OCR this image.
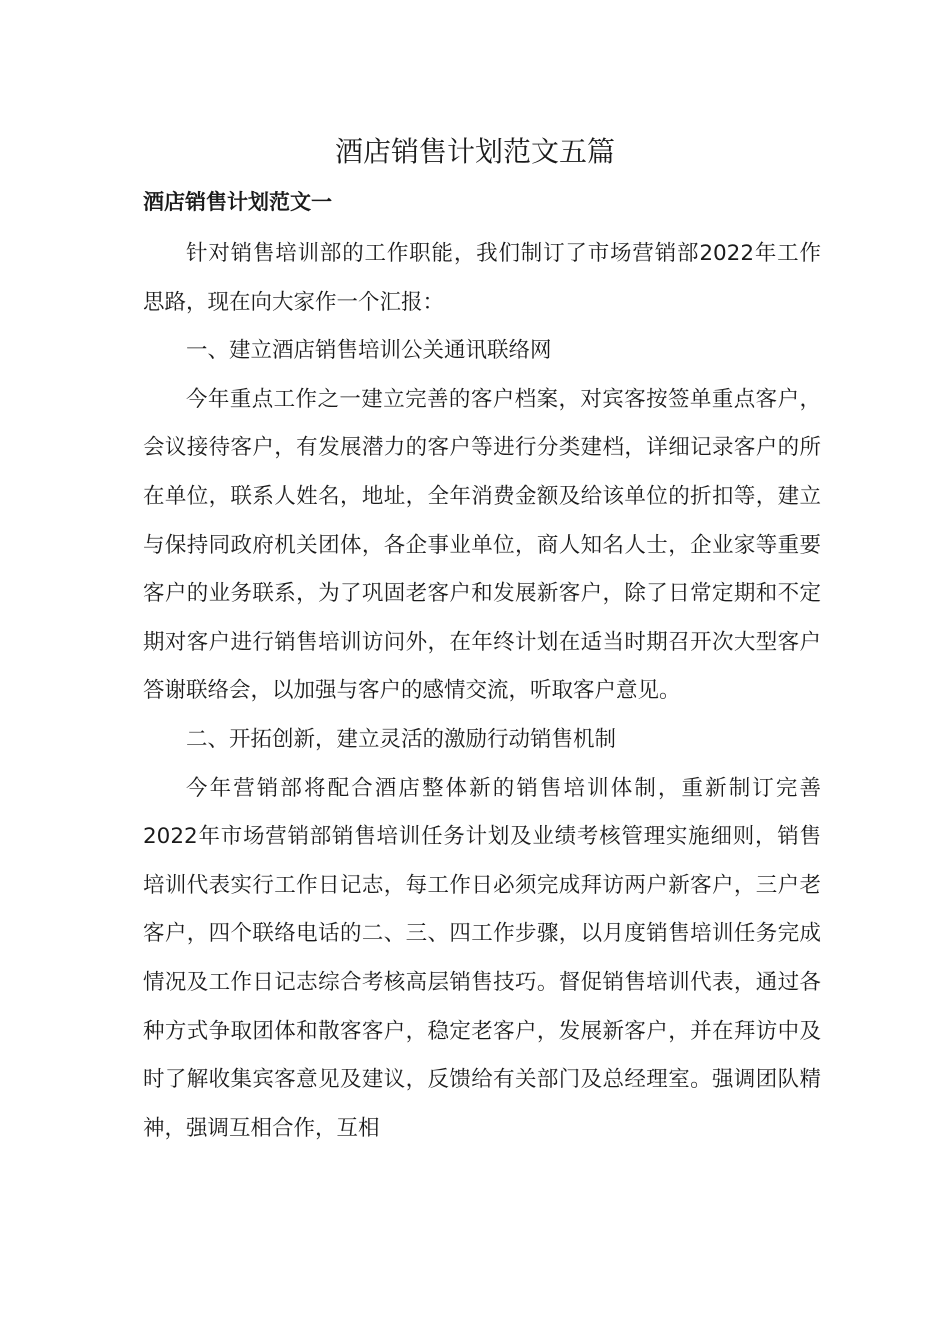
酒店销售计划范文五篇
酒店销售计划范文一

针对销售培训部的工作职能，我们制订了市场营销部2022年工作思路，现在向大家作一个汇报：

一、建立酒店销售培训公关通讯联络网

今年重点工作之一建立完善的客户档案，对宾客按签单重点客户，会议接待客户，有发展潜力的客户等进行分类建档，详细记录客户的所在单位，联系人姓名，地址，全年消费金额及给该单位的折扣等，建立与保持同政府机关团体，各企事业单位，商人知名人士，企业家等重要客户的业务联系，为了巩固老客户和发展新客户，除了日常定期和不定期对客户进行销售培训访问外，在年终计划在适当时期召开次大型客户答谢联络会，以加强与客户的感情交流，听取客户意见。

二、开拓创新，建立灵活的激励行动销售机制

今年营销部将配合酒店整体新的销售培训体制，重新制订完善2022年市场营销部销售培训任务计划及业绩考核管理实施细则，销售培训代表实行工作日记志，每工作日必须完成拜访两户新客户，三户老客户，四个联络电话的二、三、四工作步骤，以月度销售培训任务完成情况及工作日记志综合考核高层销售技巧。督促销售培训代表，通过各种方式争取团体和散客客户，稳定老客户，发展新客户，并在拜访中及时了解收集宾客意见及建议，反馈给有关部门及总经理室。强调团队精神，强调互相合作，互相
